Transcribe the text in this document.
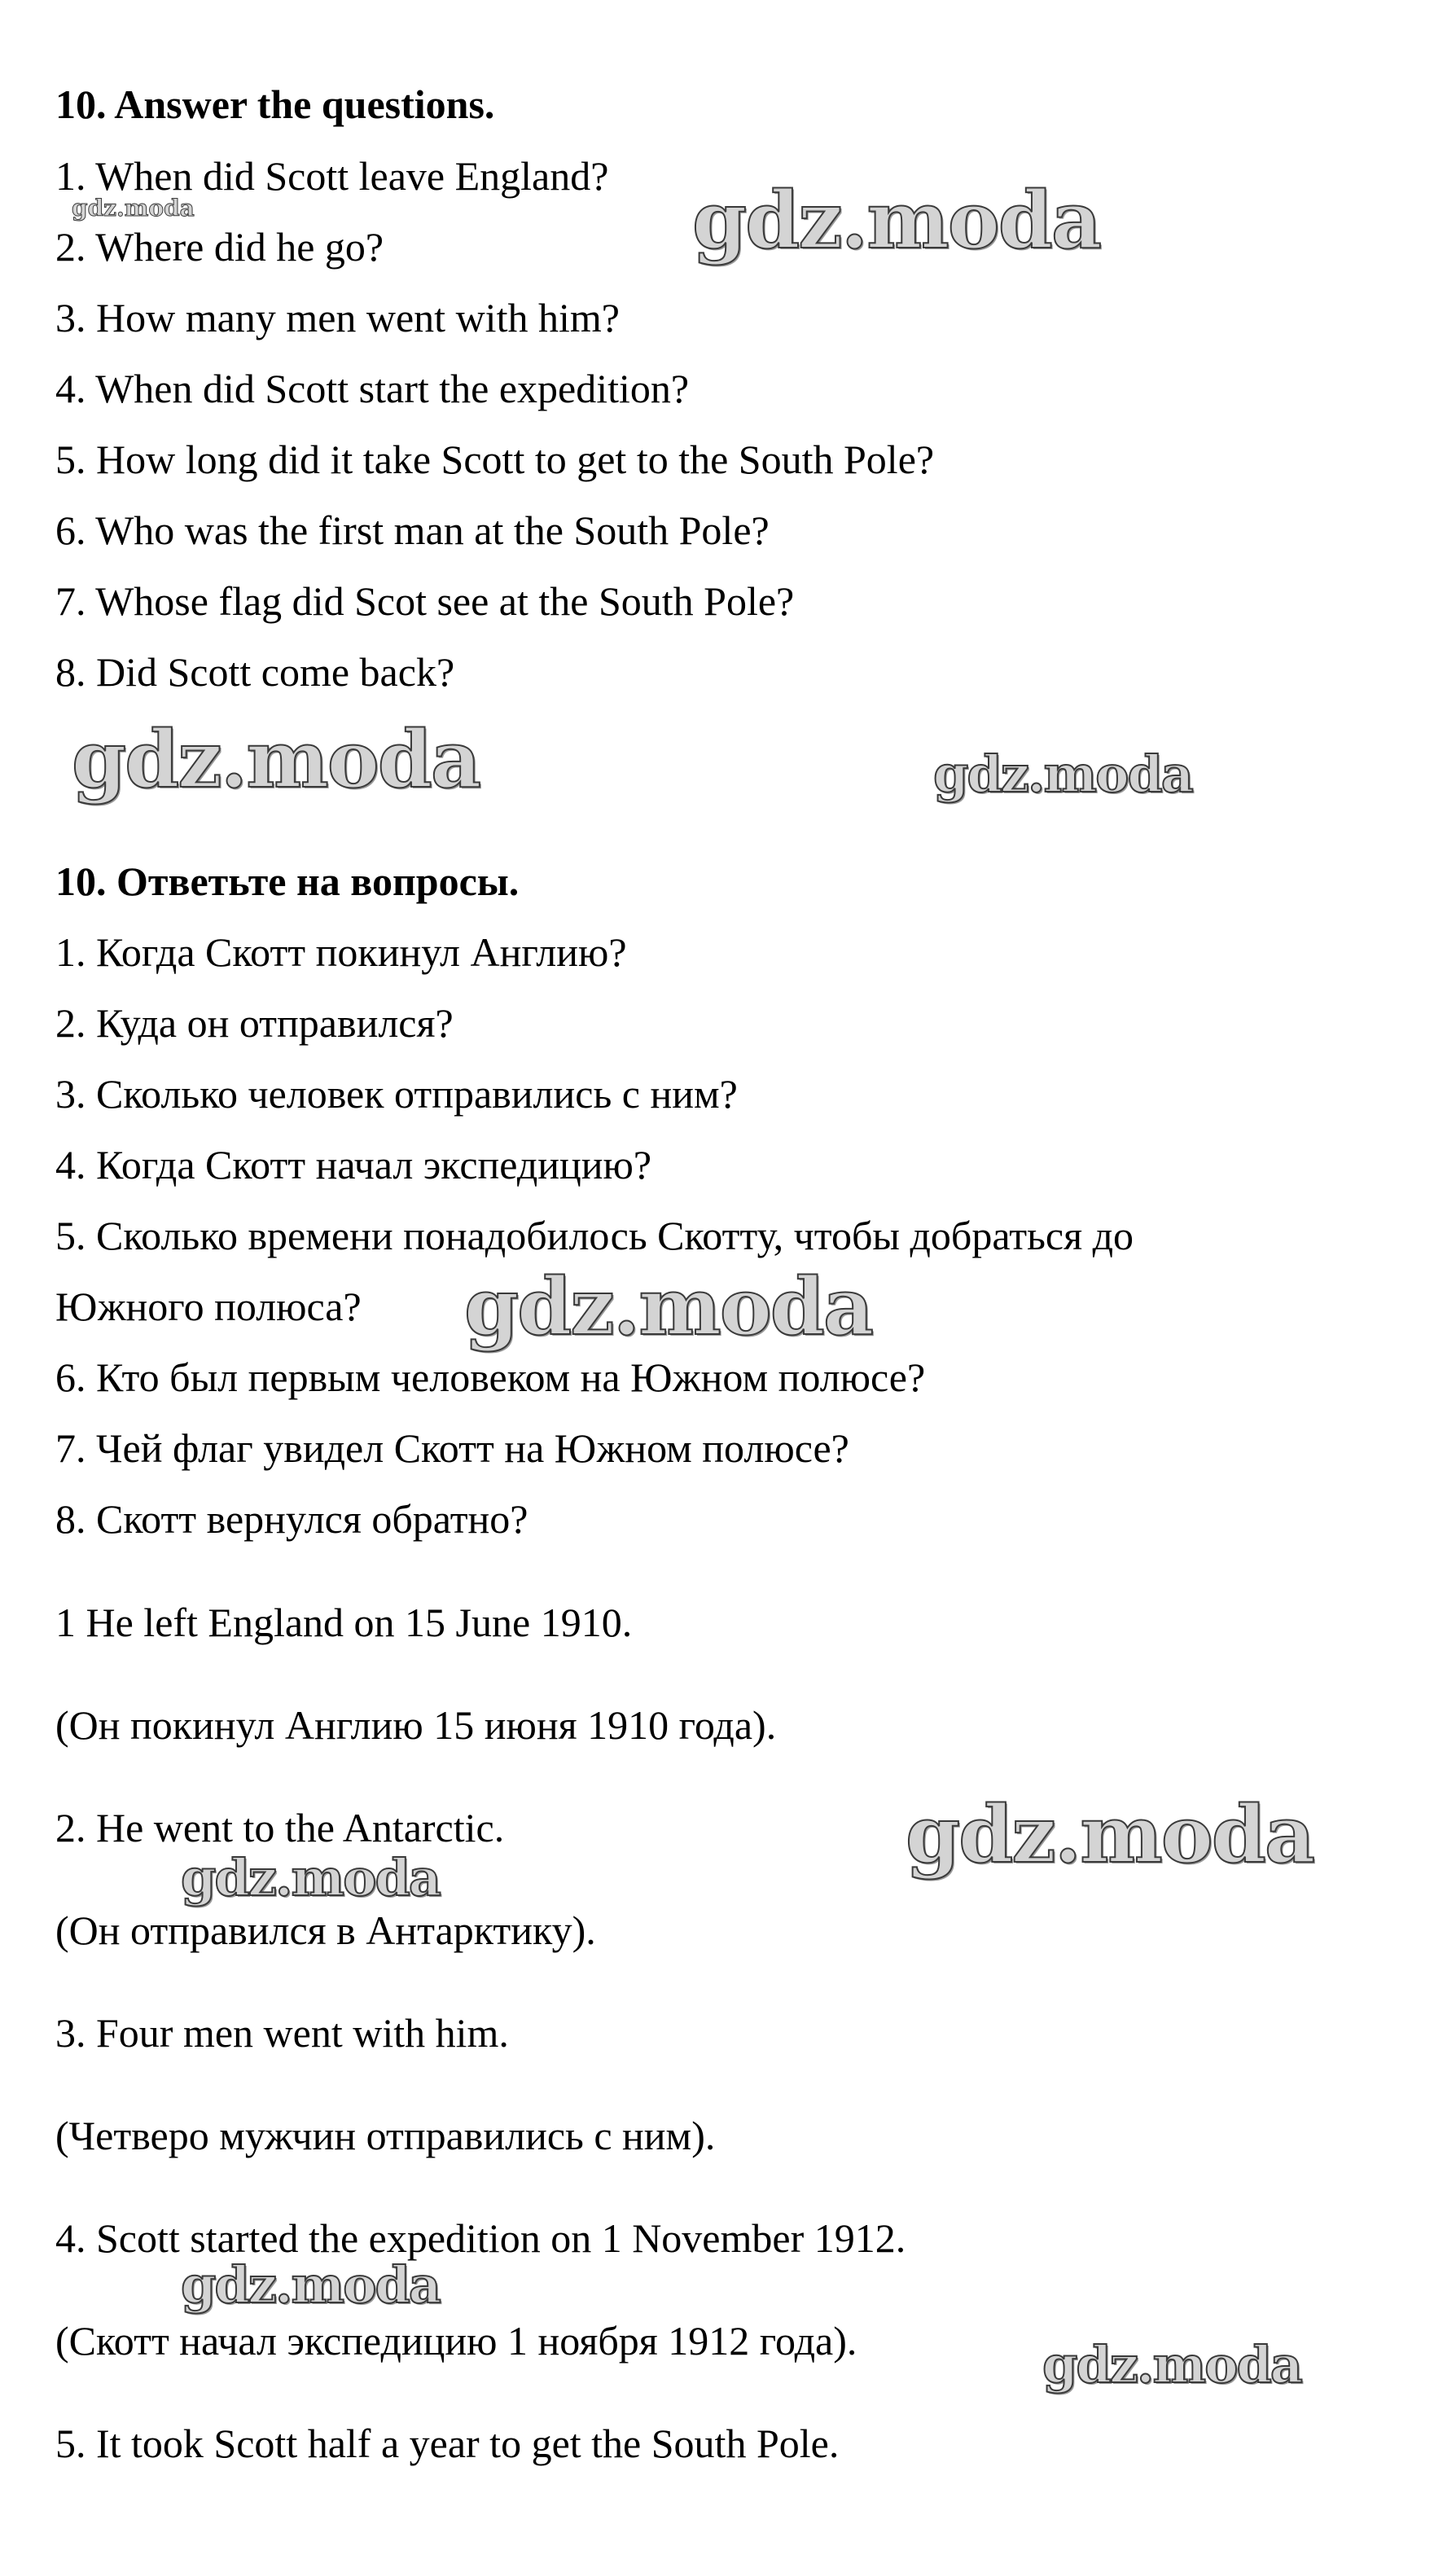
10. Answer the questions.
1. When did Scott leave England?
2. Where did he go?
3. How many men went with him?
4. When did Scott start the expedition?
5. How long did it take Scott to get to the South Pole?
6. Who was the first man at the South Pole?
7. Whose flag did Scot see at the South Pole?
8. Did Scott come back?
10. Ответьте на вопросы.
1. Когда Скотт покинул Англию?
2. Куда он отправился?
3. Сколько человек отправились с ним?
4. Когда Скотт начал экспедицию?
5. Сколько времени понадобилось Скотту, чтобы добраться до
Южного полюса?
6. Кто был первым человеком на Южном полюсе?
7. Чей флаг увидел Скотт на Южном полюсе?
8. Скотт вернулся обратно?
1 He left England on 15 June 1910.
(Он покинул Англию 15 июня 1910 года).
2. He went to the Antarctic.
(Он отправился в Антарктику).
3. Four men went with him.
(Четверо мужчин отправились с ним).
4. Scott started the expedition on 1 November 1912.
(Скотт начал экспедицию 1 ноября 1912 года).
5. It took Scott half a year to get the South Pole.
gdz.moda	gdz.moda
gdz.moda	gdz.moda
gdz.moda
gdz.moda
gdz.moda
gdz.moda
gdz.moda
